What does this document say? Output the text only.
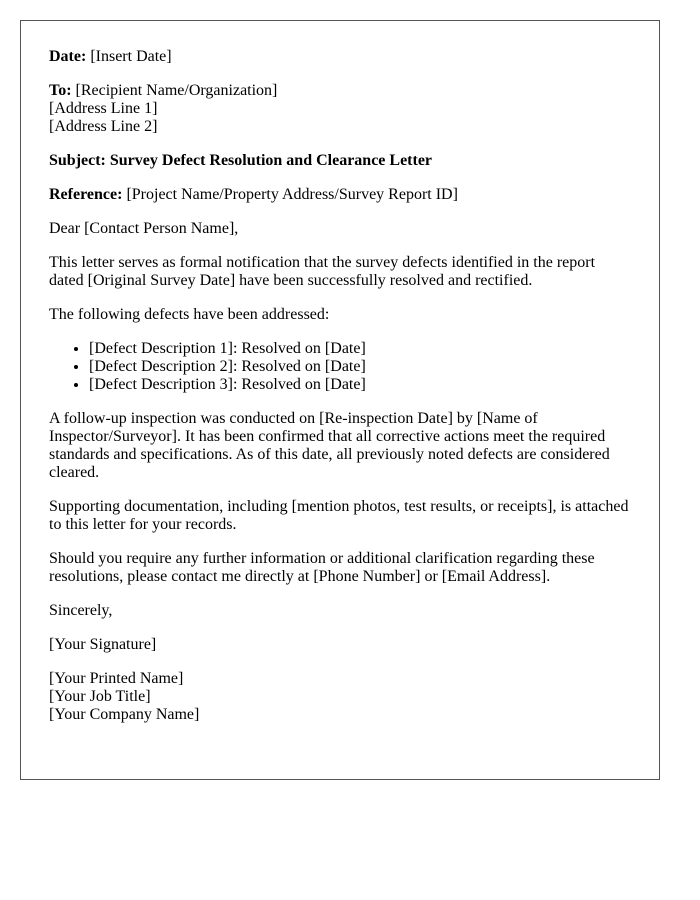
Date: [Insert Date]

To: [Recipient Name/Organization]
[Address Line 1]
[Address Line 2]

Subject: Survey Defect Resolution and Clearance Letter

Reference: [Project Name/Property Address/Survey Report ID]

Dear [Contact Person Name],

This letter serves as formal notification that the survey defects identified in the report dated [Original Survey Date] have been successfully resolved and rectified.

The following defects have been addressed:

• [Defect Description 1]: Resolved on [Date]
• [Defect Description 2]: Resolved on [Date]
• [Defect Description 3]: Resolved on [Date]

A follow-up inspection was conducted on [Re-inspection Date] by [Name of Inspector/Surveyor]. It has been confirmed that all corrective actions meet the required standards and specifications. As of this date, all previously noted defects are considered cleared.

Supporting documentation, including [mention photos, test results, or receipts], is attached to this letter for your records.

Should you require any further information or additional clarification regarding these resolutions, please contact me directly at [Phone Number] or [Email Address].

Sincerely,

[Your Signature]

[Your Printed Name]
[Your Job Title]
[Your Company Name]
